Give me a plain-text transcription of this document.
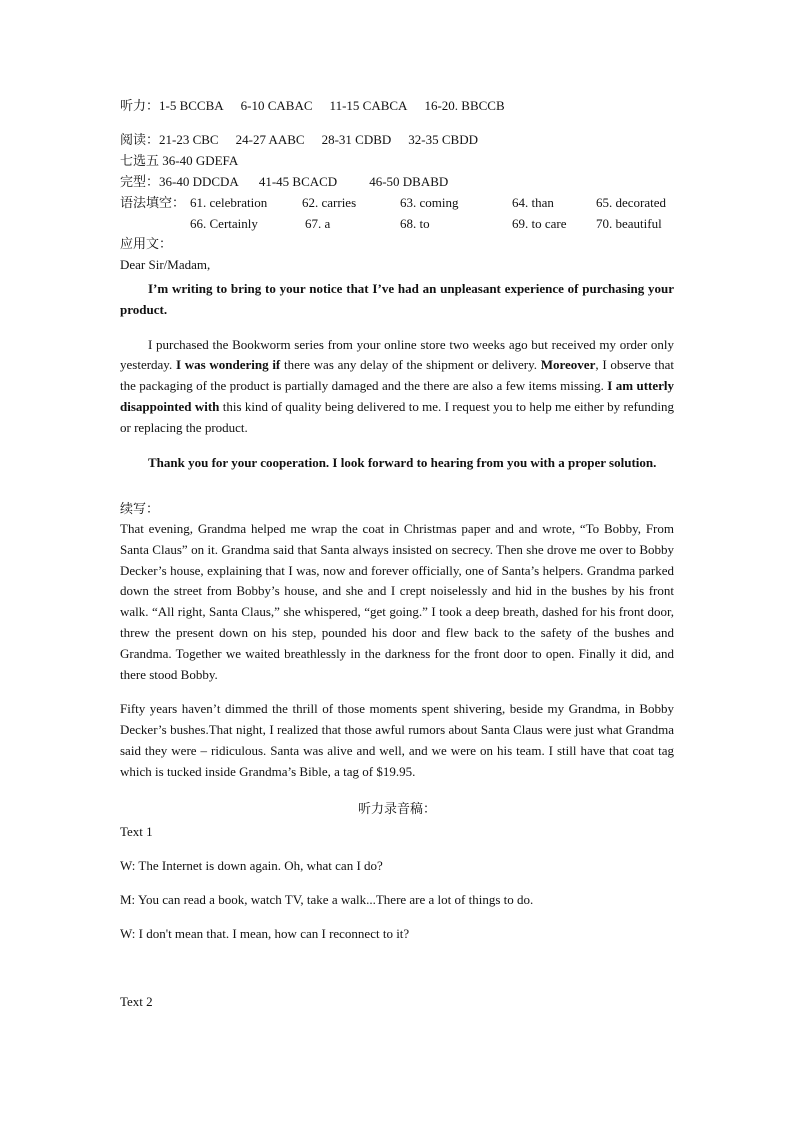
听力：1-5 BCCBA 6-10 CABAC 11-15 CABCA 16-20. BBCCB
阅读：21-23 CBC 24-27 AABC 28-31 CDBD 32-35 CBDD
七选五 36-40 GDEFA
完型：36-40 DDCDA 41-45 BCACD 46-50 DBABD
语法填空： 61. celebration	62. carries	63. coming	64. than	65. decorated
66. Certainly	67. a	68. to	69. to care 70. beautiful
应用文：
Dear Sir/Madam,

I’m writing to bring to your notice that I’ve had an unpleasant experience of purchasing your product.

I purchased the Bookworm series from your online store two weeks ago but received my order only yesterday. I was wondering if there was any delay of the shipment or delivery. Moreover, I observe that the packaging of the product is partially damaged and the there are also a few items missing. I am utterly disappointed with this kind of quality being delivered to me. I request you to help me either by refunding or replacing the product.

Thank you for your cooperation. I look forward to hearing from you with a proper solution.

续写：

That evening, Grandma helped me wrap the coat in Christmas paper and and wrote, “To Bobby, From Santa Claus” on it. Grandma said that Santa always insisted on secrecy. Then she drove me over to Bobby Decker’s house, explaining that I was, now and forever officially, one of Santa’s helpers. Grandma parked down the street from Bobby’s house, and she and I crept noiselessly and hid in the bushes by his front walk. “All right, Santa Claus,” she whispered, “get going.” I took a deep breath, dashed for his front door, threw the present down on his step, pounded his door and flew back to the safety of the bushes and Grandma. Together we waited breathlessly in the darkness for the front door to open. Finally it did, and there stood Bobby.

Fifty years haven’t dimmed the thrill of those moments spent shivering, beside my Grandma, in Bobby Decker’s bushes.That night, I realized that those awful rumors about Santa Claus were just what Grandma said they were – ridiculous. Santa was alive and well, and we were on his team. I still have that coat tag which is tucked inside Grandma’s Bible, a tag of $19.95.

听力录音稿：
Text 1
W: The Internet is down again. Oh, what can I do?
M: You can read a book, watch TV, take a walk...There are a lot of things to do.
W: I don't mean that. I mean, how can I reconnect to it?
Text 2
